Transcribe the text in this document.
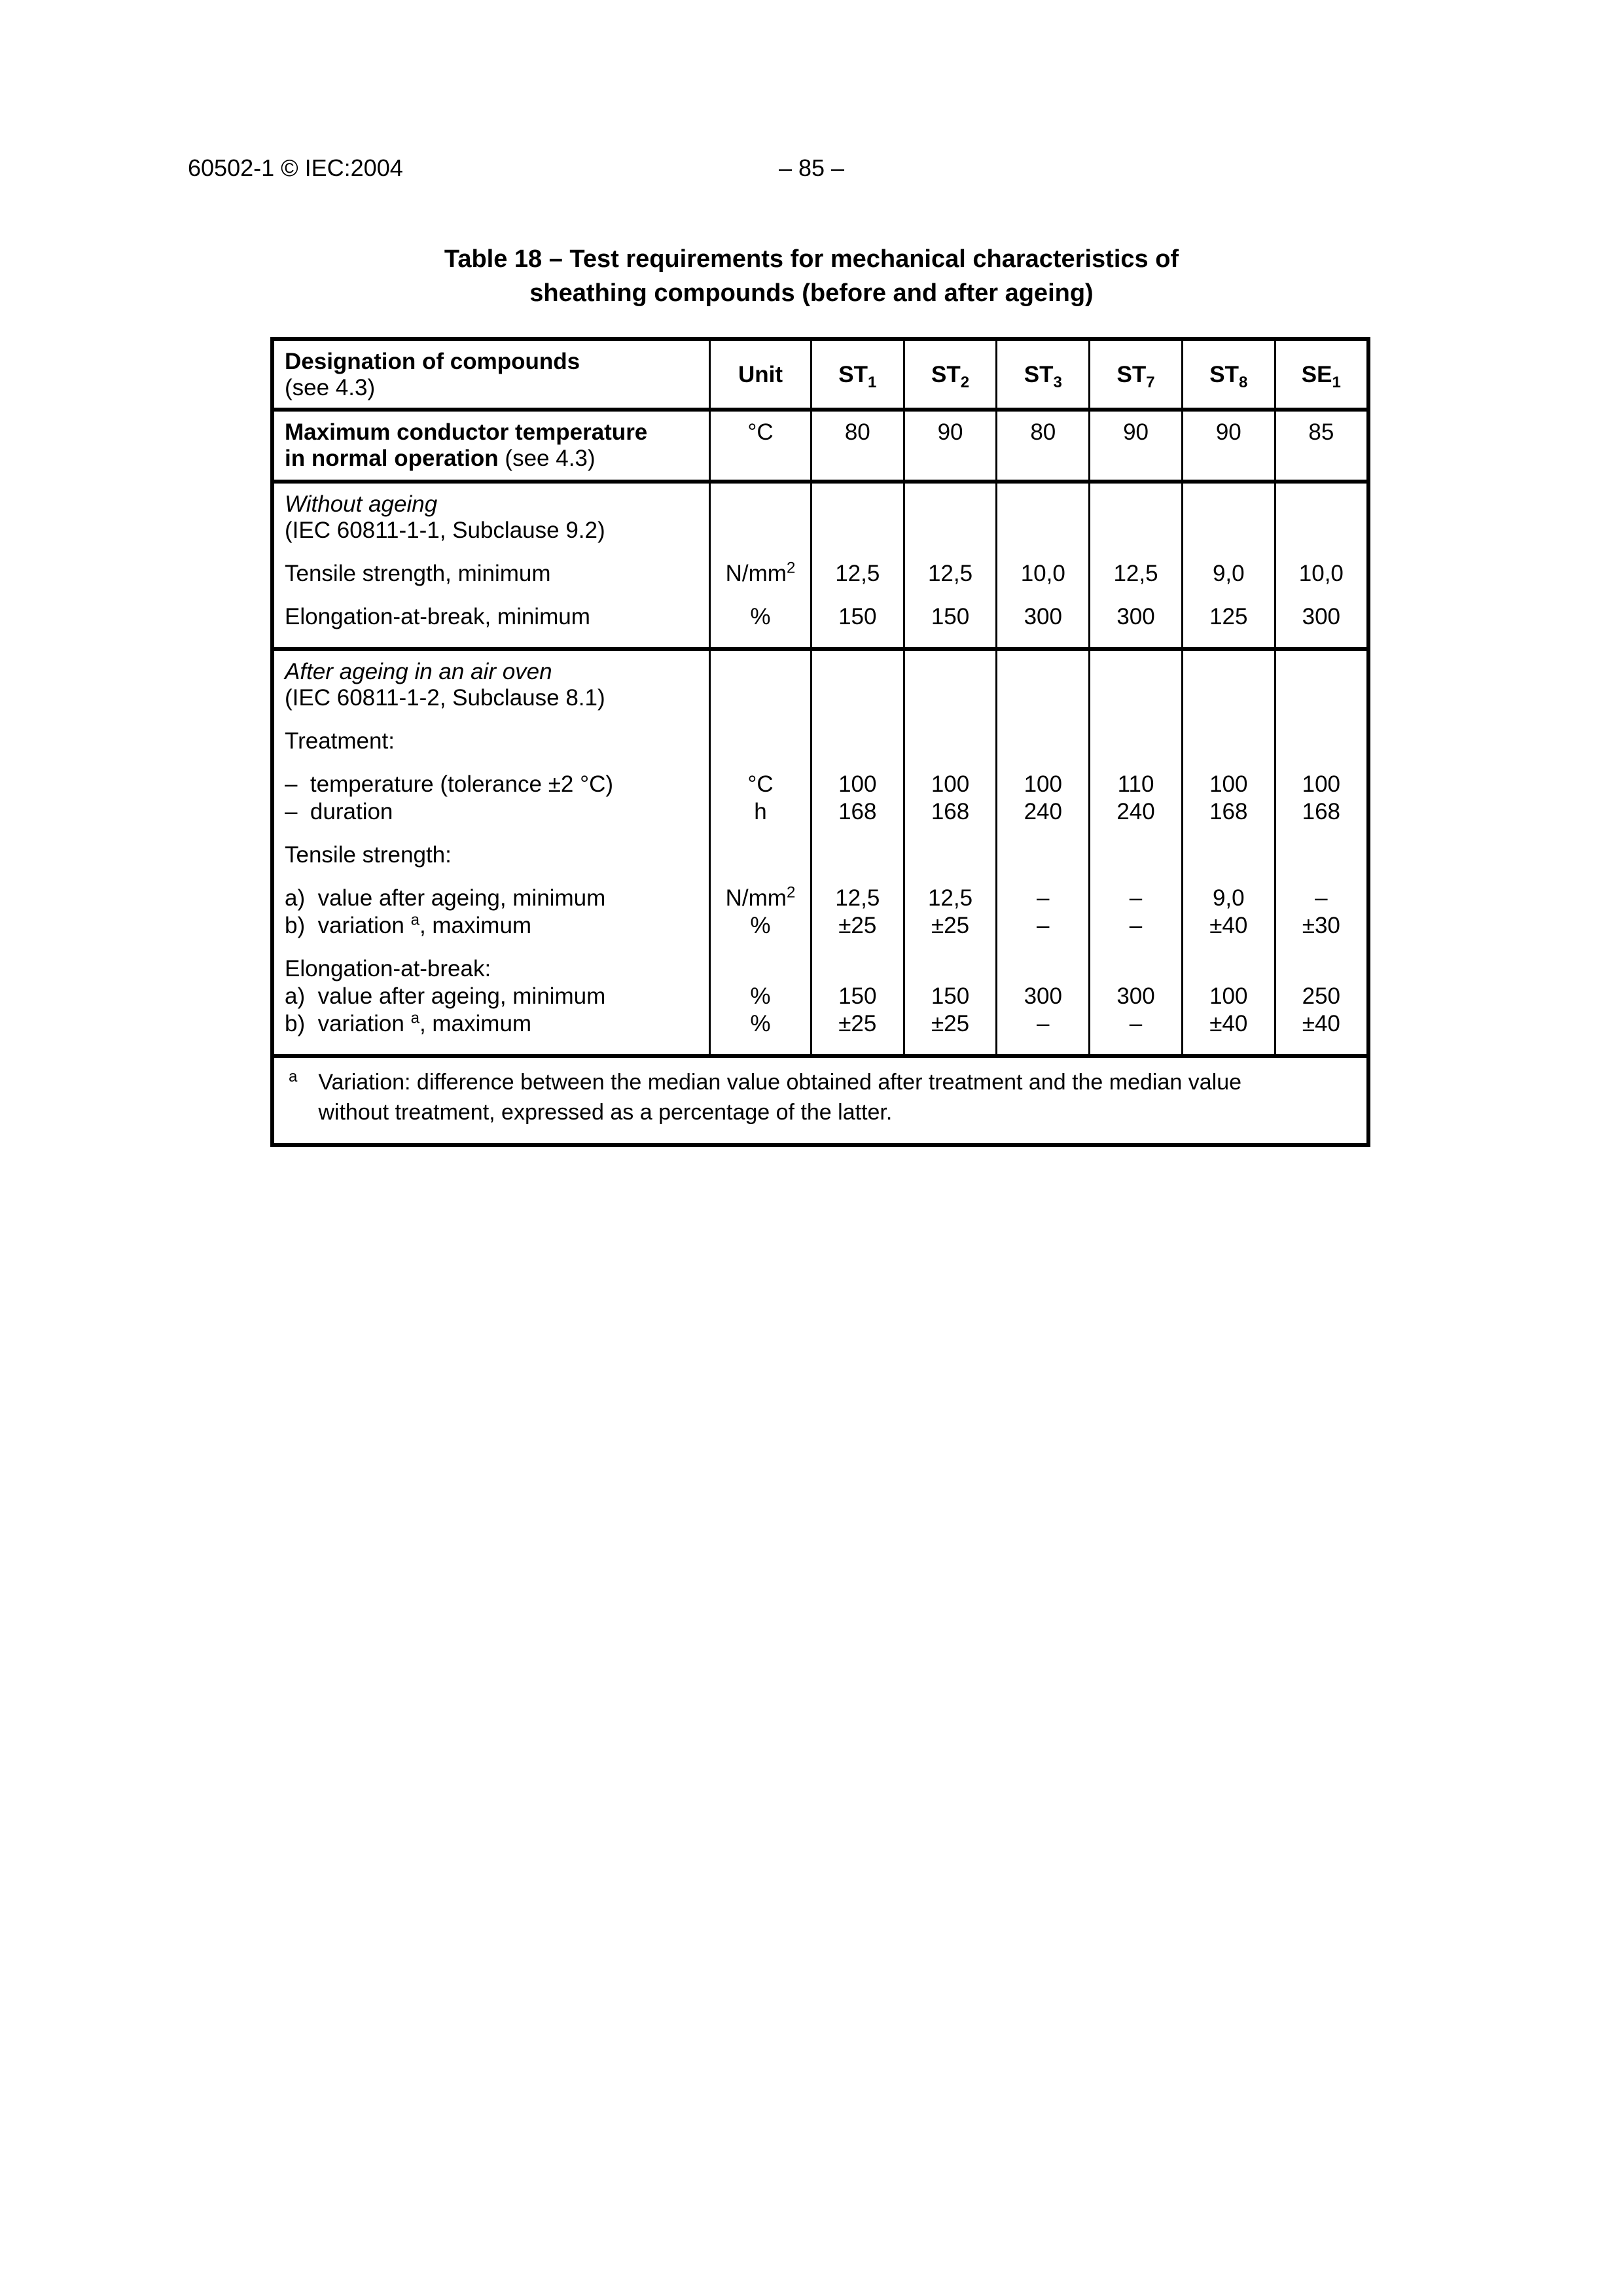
60502-1 © IEC:2004	– 85 –
Table 18 – Test requirements for mechanical characteristics of
sheathing compounds (before and after ageing)
Designation of compounds
(see 4.3)	Unit	$ST_1$	$ST_2$	$ST_3$	$ST_7$	$ST_8$	$SE_1$
Maximum conductor temperature
in normal operation (see 4.3)	°C	80	90	80	90	90	85
Without ageing
(IEC 60811-1-1, Subclause 9.2)							
Tensile strength, minimum	$N/mm^2$	12,5	12,5	10,0	12,5	9,0	10,0
Elongation-at-break, minimum	%	150	150	300	300	125	300
After ageing in an air oven
(IEC 60811-1-2, Subclause 8.1)							
Treatment:							
–  temperature (tolerance ±2 °C)	°C	100	100	100	110	100	100
–  duration	h	168	168	240	240	168	168
Tensile strength:							
a)  value after ageing, minimum	$N/mm^2$	12,5	12,5	–	–	9,0	–
b)  variation $^a$, maximum	%	±25	±25	–	–	±40	±30
Elongation-at-break:							
a)  value after ageing, minimum	%	150	150	300	300	100	250
b)  variation $^a$, maximum	%	±25	±25	–	–	±40	±40

a Variation: difference between the median value obtained after treatment and the median value without treatment, expressed as a percentage of the latter.							
